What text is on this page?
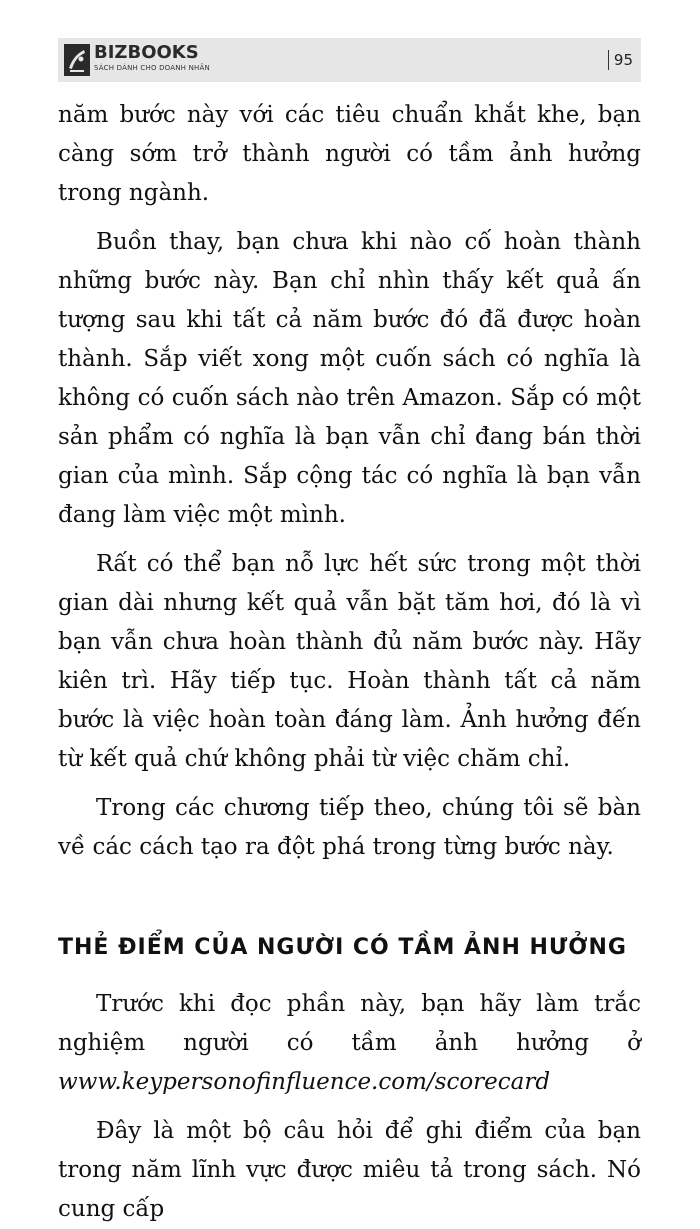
BIZBOOKS
SÁCH DÀNH CHO DOANH NHÂN	95

năm bước này với các tiêu chuẩn khắt khe, bạn càng sớm trở thành người có tầm ảnh hưởng trong ngành.

Buồn thay, bạn chưa khi nào cố hoàn thành những bước này. Bạn chỉ nhìn thấy kết quả ấn tượng sau khi tất cả năm bước đó đã được hoàn thành. Sắp viết xong một cuốn sách có nghĩa là không có cuốn sách nào trên Amazon. Sắp có một sản phẩm có nghĩa là bạn vẫn chỉ đang bán thời gian của mình. Sắp cộng tác có nghĩa là bạn vẫn đang làm việc một mình.

Rất có thể bạn nỗ lực hết sức trong một thời gian dài nhưng kết quả vẫn bặt tăm hơi, đó là vì bạn vẫn chưa hoàn thành đủ năm bước này. Hãy kiên trì. Hãy tiếp tục. Hoàn thành tất cả năm bước là việc hoàn toàn đáng làm. Ảnh hưởng đến từ kết quả chứ không phải từ việc chăm chỉ.

Trong các chương tiếp theo, chúng tôi sẽ bàn về các cách tạo ra đột phá trong từng bước này.

THẺ ĐIỂM CỦA NGƯỜI CÓ TẦM ẢNH HƯỞNG

Trước khi đọc phần này, bạn hãy làm trắc nghiệm người có tầm ảnh hưởng ở www.keypersonofinfluence.com/scorecard

Đây là một bộ câu hỏi để ghi điểm của bạn trong năm lĩnh vực được miêu tả trong sách. Nó cung cấp
